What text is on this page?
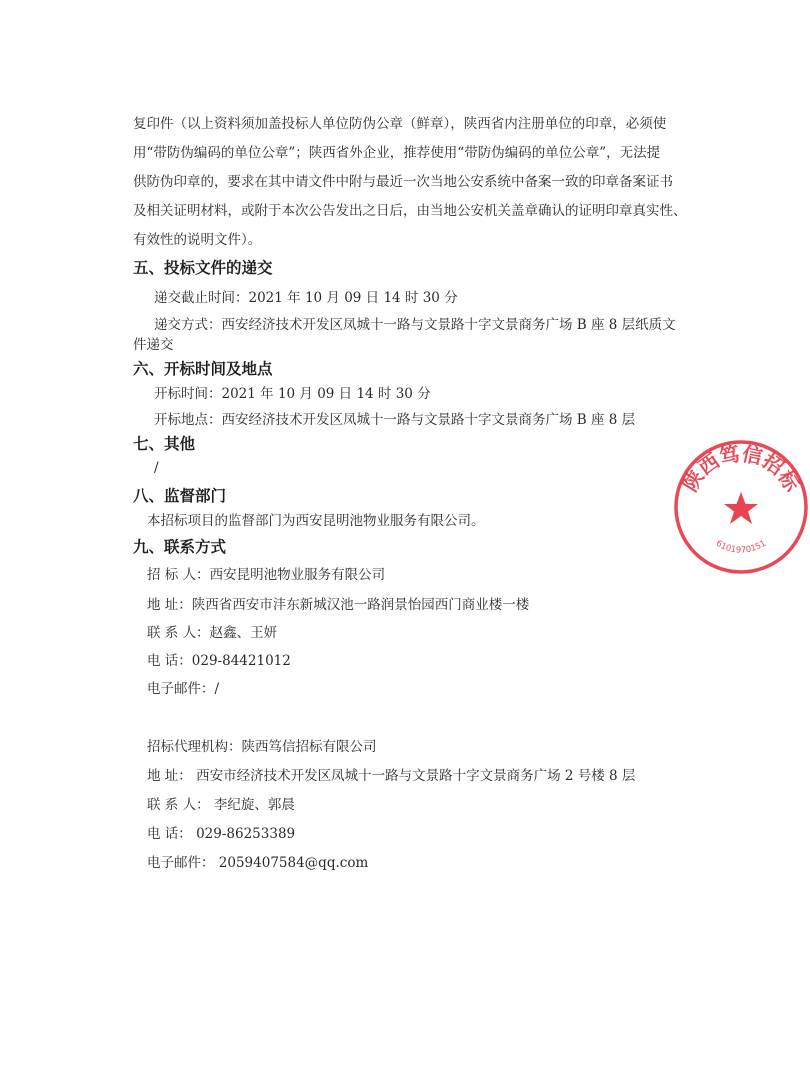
复印件（以上资料须加盖投标人单位防伪公章（鲜章），陕西省内注册单位的印章，必须使
用“带防伪编码的单位公章”；陕西省外企业，推荐使用“带防伪编码的单位公章”，无法提
供防伪印章的，要求在其中请文件中附与最近一次当地公安系统中备案一致的印章备案证书
及相关证明材料，或附于本次公告发出之日后，由当地公安机关盖章确认的证明印章真实性、
有效性的说明文件）。
五、投标文件的递交
递交截止时间：2021 年 10 月 09 日 14 时 30 分
递交方式：西安经济技术开发区凤城十一路与文景路十字文景商务广场 B 座 8 层纸质文
件递交
六、开标时间及地点
开标时间：2021 年 10 月 09 日 14 时 30 分
开标地点：西安经济技术开发区凤城十一路与文景路十字文景商务广场 B 座 8 层
七、其他
/
八、监督部门
本招标项目的监督部门为西安昆明池物业服务有限公司。
九、联系方式
招 标 人：西安昆明池物业服务有限公司
地 址：陕西省西安市沣东新城汉池一路润景怡园西门商业楼一楼
联 系 人：赵鑫、王妍
电 话：029-84421012
电子邮件：/
招标代理机构：陕西笃信招标有限公司
地 址： 西安市经济技术开发区凤城十一路与文景路十字文景商务广场 2 号楼 8 层
联 系 人： 李纪旋、郭晨
电 话： 029-86253389
电子邮件： 2059407584@qq.com
陕西笃信招标
6101970151
